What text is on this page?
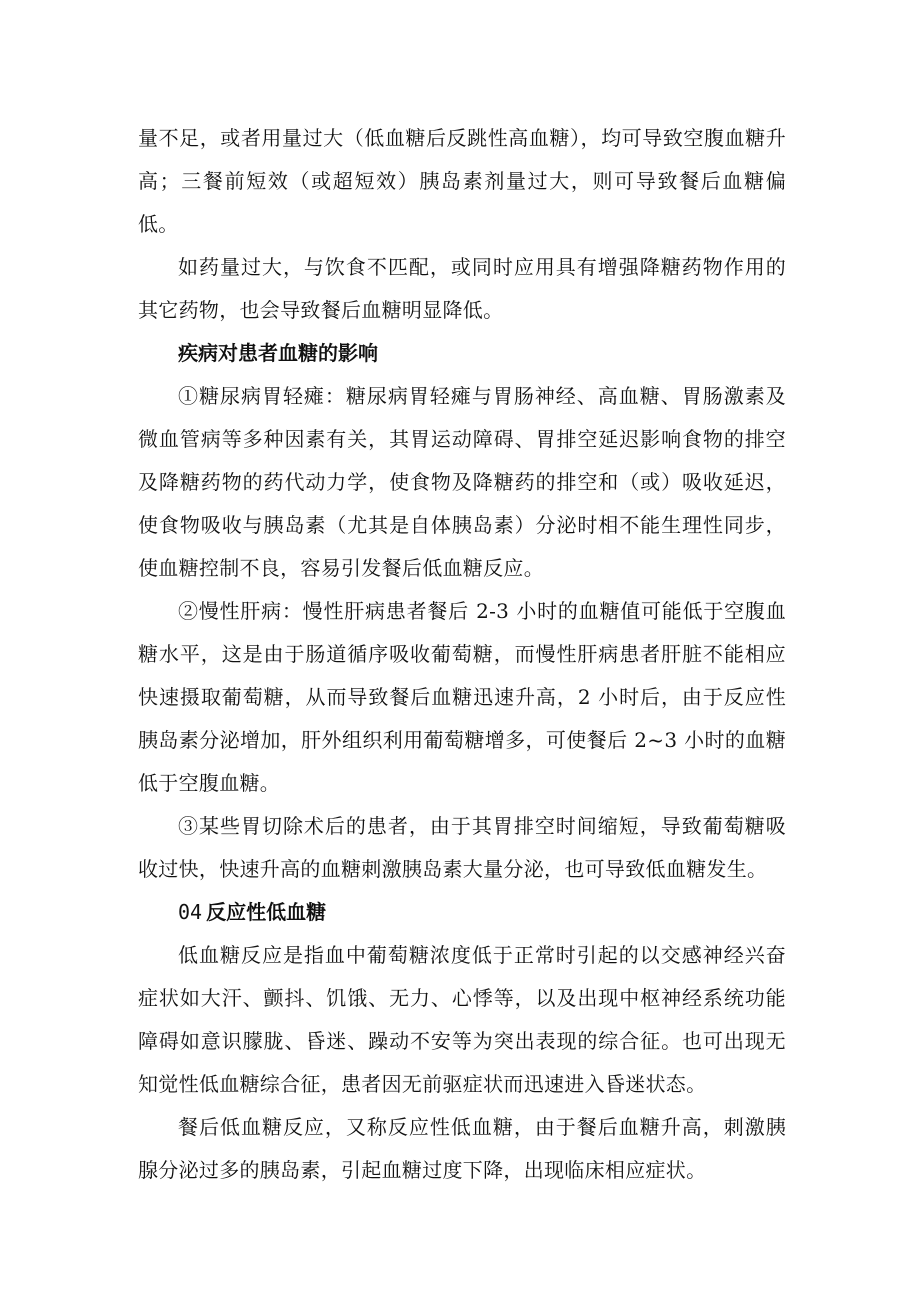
量不足，或者用量过大（低血糖后反跳性高血糖），均可导致空腹血糖升高；三餐前短效（或超短效）胰岛素剂量过大，则可导致餐后血糖偏低。

如药量过大，与饮食不匹配，或同时应用具有增强降糖药物作用的其它药物，也会导致餐后血糖明显降低。

疾病对患者血糖的影响

①糖尿病胃轻瘫：糖尿病胃轻瘫与胃肠神经、高血糖、胃肠激素及微血管病等多种因素有关，其胃运动障碍、胃排空延迟影响食物的排空及降糖药物的药代动力学，使食物及降糖药的排空和（或）吸收延迟，使食物吸收与胰岛素（尤其是自体胰岛素）分泌时相不能生理性同步，使血糖控制不良，容易引发餐后低血糖反应。

②慢性肝病：慢性肝病患者餐后 2-3 小时的血糖值可能低于空腹血糖水平，这是由于肠道循序吸收葡萄糖，而慢性肝病患者肝脏不能相应快速摄取葡萄糖，从而导致餐后血糖迅速升高，2 小时后，由于反应性胰岛素分泌增加，肝外组织利用葡萄糖增多，可使餐后 2~3 小时的血糖低于空腹血糖。

③某些胃切除术后的患者，由于其胃排空时间缩短，导致葡萄糖吸收过快，快速升高的血糖刺激胰岛素大量分泌，也可导致低血糖发生。

04 反应性低血糖

低血糖反应是指血中葡萄糖浓度低于正常时引起的以交感神经兴奋症状如大汗、颤抖、饥饿、无力、心悸等，以及出现中枢神经系统功能障碍如意识朦胧、昏迷、躁动不安等为突出表现的综合征。也可出现无知觉性低血糖综合征，患者因无前驱症状而迅速进入昏迷状态。

餐后低血糖反应，又称反应性低血糖，由于餐后血糖升高，刺激胰腺分泌过多的胰岛素，引起血糖过度下降，出现临床相应症状。
